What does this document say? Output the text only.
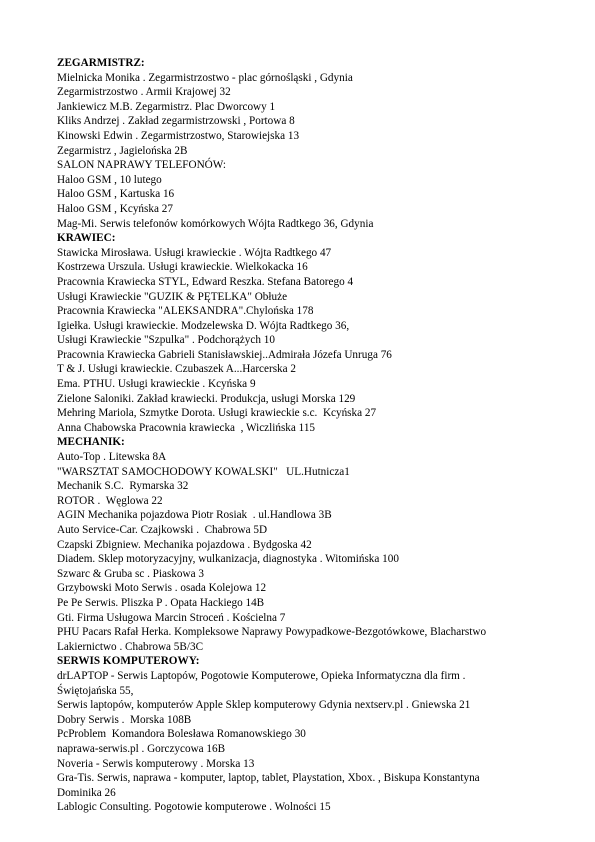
ZEGARMISTRZ:
Mielnicka Monika . Zegarmistrzostwo - plac górnośląski , Gdynia
Zegarmistrzostwo . Armii Krajowej 32
Jankiewicz M.B. Zegarmistrz. Plac Dworcowy 1
Kliks Andrzej . Zakład zegarmistrzowski , Portowa 8
Kinowski Edwin . Zegarmistrzostwo, Starowiejska 13
Zegarmistrz , Jagielońska 2B
SALON NAPRAWY TELEFONÓW:
Haloo GSM , 10 lutego
Haloo GSM , Kartuska 16
Haloo GSM , Kcyńska 27
Mag-Mi. Serwis telefonów komórkowych Wójta Radtkego 36, Gdynia
KRAWIEC:
Stawicka Mirosława. Usługi krawieckie . Wójta Radtkego 47
Kostrzewa Urszula. Usługi krawieckie. Wielkokacka 16
Pracownia Krawiecka STYL, Edward Reszka. Stefana Batorego 4
Usługi Krawieckie "GUZIK & PĘTELKA" Obłuże
Pracownia Krawiecka "ALEKSANDRA".Chylońska 178
Igiełka. Usługi krawieckie. Modzelewska D. Wójta Radtkego 36,
Usługi Krawieckie "Szpulka" . Podchorążych 10
Pracownia Krawiecka Gabrieli Stanisławskiej..Admirała Józefa Unruga 76
T & J. Usługi krawieckie. Czubaszek A...Harcerska 2
Ema. PTHU. Usługi krawieckie . Kcyńska 9
Zielone Saloniki. Zakład krawiecki. Produkcja, usługi Morska 129
Mehring Mariola, Szmytke Dorota. Usługi krawieckie s.c.  Kcyńska 27
Anna Chabowska Pracownia krawiecka  , Wiczlińska 115
MECHANIK:
Auto-Top . Litewska 8A
"WARSZTAT SAMOCHODOWY KOWALSKI"   UL.Hutnicza1
Mechanik S.C.  Rymarska 32
ROTOR .  Węglowa 22
AGIN Mechanika pojazdowa Piotr Rosiak  . ul.Handlowa 3B
Auto Service-Car. Czajkowski .  Chabrowa 5D
Czapski Zbigniew. Mechanika pojazdowa . Bydgoska 42
Diadem. Sklep motoryzacyjny, wulkanizacja, diagnostyka . Witomińska 100
Szwarc & Gruba sc . Piaskowa 3
Grzybowski Moto Serwis . osada Kolejowa 12
Pe Pe Serwis. Pliszka P . Opata Hackiego 14B
Gti. Firma Usługowa Marcin Stroceń . Kościelna 7
PHU Pacars Rafał Herka. Kompleksowe Naprawy Powypadkowe-Bezgotówkowe, Blacharstwo
Lakiernictwo . Chabrowa 5B/3C
SERWIS KOMPUTEROWY:
drLAPTOP - Serwis Laptopów, Pogotowie Komputerowe, Opieka Informatyczna dla firm .
Świętojańska 55,
Serwis laptopów, komputerów Apple Sklep komputerowy Gdynia nextserv.pl . Gniewska 21
Dobry Serwis .  Morska 108B
PcProblem  Komandora Bolesława Romanowskiego 30
naprawa-serwis.pl . Gorczycowa 16B
Noveria - Serwis komputerowy . Morska 13
Gra-Tis. Serwis, naprawa - komputer, laptop, tablet, Playstation, Xbox. , Biskupa Konstantyna
Dominika 26
Lablogic Consulting. Pogotowie komputerowe . Wolności 15
